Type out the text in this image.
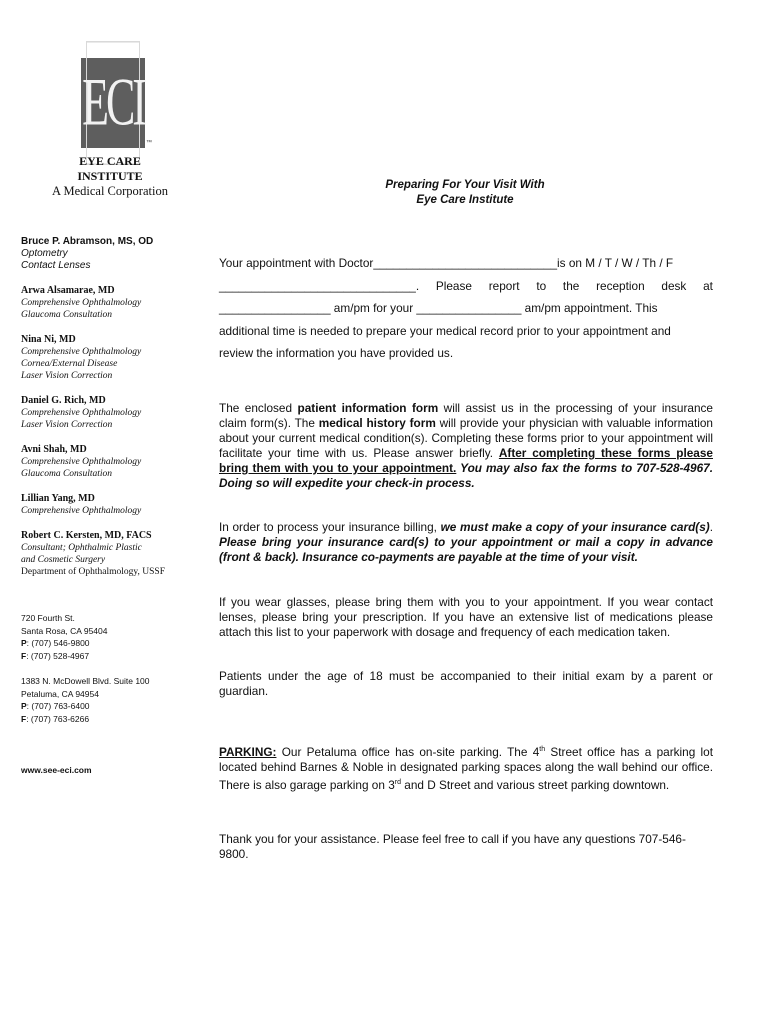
ECI
™
EYE CARE
INSTITUTE
A Medical Corporation
Bruce P. Abramson, MS, OD
Optometry
Contact Lenses
Arwa Alsamarae, MD
Comprehensive Ophthalmology
Glaucoma Consultation
Nina Ni, MD
Comprehensive Ophthalmology
Cornea/External Disease
Laser Vision Correction
Daniel G. Rich, MD
Comprehensive Ophthalmology
Laser Vision Correction
Avni Shah, MD
Comprehensive Ophthalmology
Glaucoma Consultation
Lillian Yang, MD
Comprehensive Ophthalmology
Robert C. Kersten, MD, FACS
Consultant; Ophthalmic Plastic
and Cosmetic Surgery
Department of Ophthalmology, USSF
720 Fourth St.
Santa Rosa, CA 95404
P: (707) 546-9800
F: (707) 528-4967
1383 N. McDowell Blvd. Suite 100
Petaluma, CA 94954
P: (707) 763-6400
F: (707) 763-6266
www.see-eci.com
Preparing For Your Visit With
Eye Care Institute
Your appointment with Doctor____________________________is on M / T / W / Th / F
______________________________. Please report to the reception desk at
_________________ am/pm for your ________________ am/pm appointment. This
additional time is needed to prepare your medical record prior to your appointment and
review the information you have provided us.
The enclosed patient information form will assist us in the processing of your insurance claim form(s). The medical history form will provide your physician with valuable information about your current medical condition(s). Completing these forms prior to your appointment will facilitate your time with us. Please answer briefly. After completing these forms please bring them with you to your appointment. You may also fax the forms to 707-528-4967. Doing so will expedite your check-in process.
In order to process your insurance billing, we must make a copy of your insurance card(s). Please bring your insurance card(s) to your appointment or mail a copy in advance (front & back). Insurance co-payments are payable at the time of your visit.
If you wear glasses, please bring them with you to your appointment. If you wear contact lenses, please bring your prescription. If you have an extensive list of medications please attach this list to your paperwork with dosage and frequency of each medication taken.
Patients under the age of 18 must be accompanied to their initial exam by a parent or guardian.
PARKING: Our Petaluma office has on-site parking. The 4th Street office has a parking lot located behind Barnes & Noble in designated parking spaces along the wall behind our office. There is also garage parking on 3rd and D Street and various street parking downtown.
Thank you for your assistance. Please feel free to call if you have any questions 707-546-9800.
